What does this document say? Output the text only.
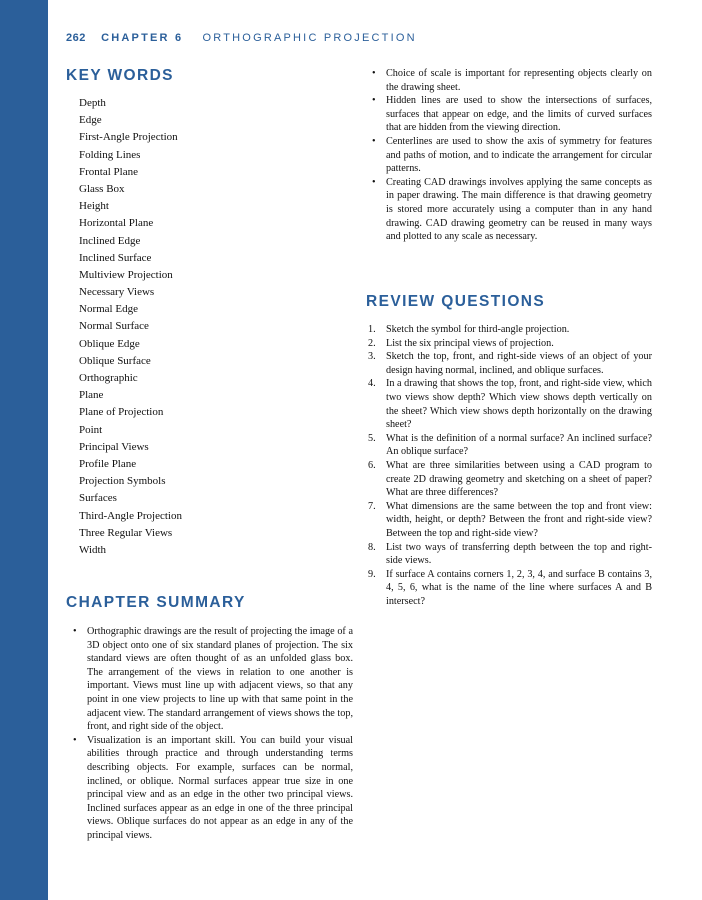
262 CHAPTER 6 ORTHOGRAPHIC PROJECTION
KEY WORDS
Depth
Edge
First-Angle Projection
Folding Lines
Frontal Plane
Glass Box
Height
Horizontal Plane
Inclined Edge
Inclined Surface
Multiview Projection
Necessary Views
Normal Edge
Normal Surface
Oblique Edge
Oblique Surface
Orthographic
Plane
Plane of Projection
Point
Principal Views
Profile Plane
Projection Symbols
Surfaces
Third-Angle Projection
Three Regular Views
Width
CHAPTER SUMMARY
• Orthographic drawings are the result of projecting the image of a 3D object onto one of six standard planes of projection. The six standard views are often thought of as an unfolded glass box. The arrangement of the views in relation to one another is important. Views must line up with adjacent views, so that any point in one view projects to line up with that same point in the adjacent view. The standard arrangement of views shows the top, front, and right side of the object.
• Visualization is an important skill. You can build your visual abilities through practice and through understanding terms describing objects. For example, surfaces can be normal, inclined, or oblique. Normal surfaces appear true size in one principal view and as an edge in the other two principal views. Inclined surfaces appear as an edge in one of the three principal views. Oblique surfaces do not appear as an edge in any of the principal views.
• Choice of scale is important for representing objects clearly on the drawing sheet.
• Hidden lines are used to show the intersections of surfaces, surfaces that appear on edge, and the limits of curved surfaces that are hidden from the viewing direction.
• Centerlines are used to show the axis of symmetry for features and paths of motion, and to indicate the arrangement for circular patterns.
• Creating CAD drawings involves applying the same concepts as in paper drawing. The main difference is that drawing geometry is stored more accurately using a computer than in any hand drawing. CAD drawing geometry can be reused in many ways and plotted to any scale as necessary.
REVIEW QUESTIONS
1. Sketch the symbol for third-angle projection.
2. List the six principal views of projection.
3. Sketch the top, front, and right-side views of an object of your design having normal, inclined, and oblique surfaces.
4. In a drawing that shows the top, front, and right-side view, which two views show depth? Which view shows depth vertically on the sheet? Which view shows depth horizontally on the drawing sheet?
5. What is the definition of a normal surface? An inclined surface? An oblique surface?
6. What are three similarities between using a CAD program to create 2D drawing geometry and sketching on a sheet of paper? What are three differences?
7. What dimensions are the same between the top and front view: width, height, or depth? Between the front and right-side view? Between the top and right-side view?
8. List two ways of transferring depth between the top and right-side views.
9. If surface A contains corners 1, 2, 3, 4, and surface B contains 3, 4, 5, 6, what is the name of the line where surfaces A and B intersect?
